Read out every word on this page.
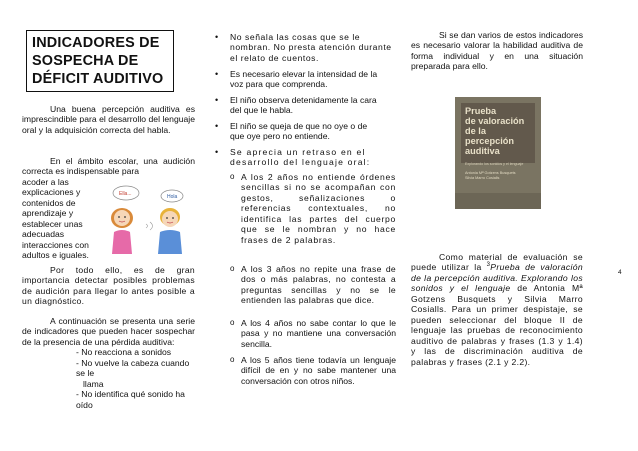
INDICADORES DE
SOSPECHA DE
DÉFICIT AUDITIVO

Una buena percepción auditiva es imprescindible para el desarrollo del lenguaje oral y la adquisición correcta del habla.

En el ámbito escolar, una audición correcta es indispensable para

acoder a las
explicaciones y
contenidos de
aprendizaje y
establecer unas
adecuadas
interacciones con
adultos e iguales.
Ella...	Hola

Por todo ello, es de gran importancia detectar posibles problemas de audición para llegar lo antes posible a un diagnóstico.

A continuación se presenta una serie de indicadores que pueden hacer sospechar de la presencia de una pérdida auditiva:

- No reacciona a sonidos
- No vuelve la cabeza cuando se le
llama
- No identifica qué sonido ha oído
• No señala las cosas que se le nombran. No presta atención durante el relato de cuentos.
• Es necesario elevar la intensidad de la voz para que comprenda.
• El niño observa detenidamente la cara del que le habla.
• El niño se queja de que no oye o de que oye pero no entiende.
• Se aprecia un retraso en el desarrollo del lenguaje oral:
o A los 2 años no entiende órdenes sencillas si no se acompañan con gestos, señalizaciones o referencias contextuales, no identifica las partes del cuerpo que se le nombran y no hace frases de 2 palabras.
o A los 3 años no repite una frase de dos o más palabras, no contesta a preguntas sencillas y no se le entienden las palabras que dice.
o A los 4 años no sabe contar lo que le pasa y no mantiene una conversación sencilla.
o A los 5 años tiene todavía un lenguaje difícil de en y no sabe mantener una conversación con otros niños.

Si se dan varios de estos indicadores es necesario valorar la habilidad auditiva de forma individual y en una situación preparada para ello.

Prueba
de valoración
de la percepción
auditiva
Explorando los sonidos y el lenguaje
Antonia Mª Gotzens Busquets
Silvia Marro Cosialls

Como material de evaluación se puede utilizar la $^3$Prueba de valoración de la percepción auditiva. Explorando los sonidos y el lenguaje de Antonia Mª Gotzens Busquets y Silvia Marro Cosialls. Para un primer despistaje, se pueden seleccionar del bloque II de lenguaje las pruebas de reconocimiento auditivo de palabras y frases (1.3 y 1.4) y las de discriminación auditiva de palabras y frases (2.1 y 2.2).

4
